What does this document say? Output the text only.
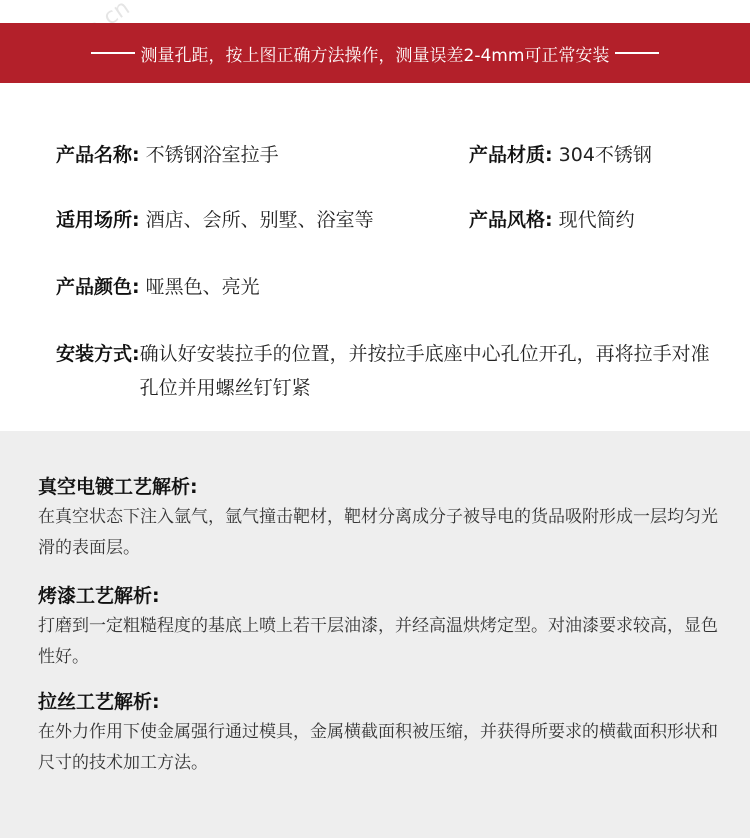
测量孔距，按上图正确方法操作，测量误差2-4mm可正常安装
产品名称: 不锈钢浴室拉手	产品材质: 304不锈钢
适用场所: 酒店、会所、别墅、浴室等	产品风格: 现代简约
产品颜色: 哑黑色、亮光
安装方式: 确认好安装拉手的位置，并按拉手底座中心孔位开孔，再将拉手对准孔位并用螺丝钉钉紧
真空电镀工艺解析:
在真空状态下注入氩气，氩气撞击靶材，靶材分离成分子被导电的货品吸附形成一层均匀光滑的表面层。
烤漆工艺解析:
打磨到一定粗糙程度的基底上喷上若干层油漆，并经高温烘烤定型。对油漆要求较高，显色性好。
拉丝工艺解析:
在外力作用下使金属强行通过模具，金属横截面积被压缩，并获得所要求的横截面积形状和尺寸的技术加工方法。
